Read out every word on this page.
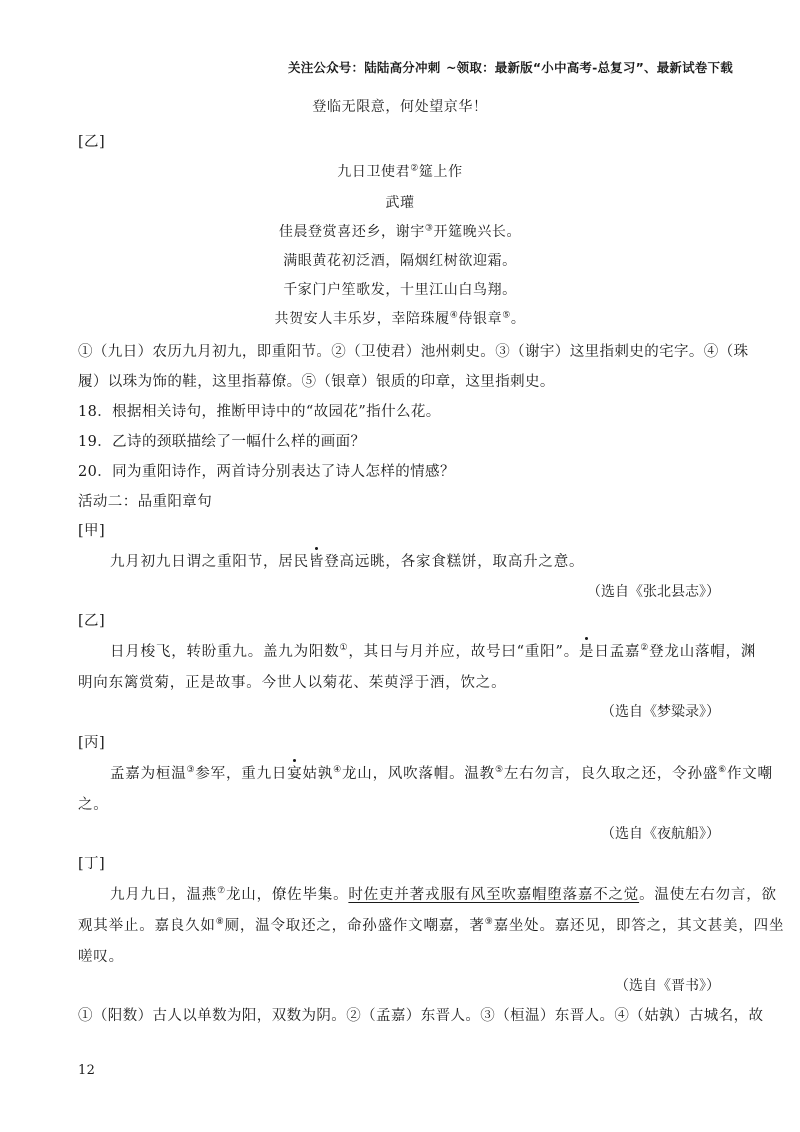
关注公众号：陆陆高分冲刺 ~领取：最新版“小中高考-总复习”、最新试卷下载
登临无限意，何处望京华！
[乙]
九日卫使君②筵上作
武瓘
佳晨登赏喜还乡，谢宇③开筵晚兴长。
满眼黄花初泛酒，隔烟红树欲迎霜。
千家门户笙歌发，十里江山白鸟翔。
共贺安人丰乐岁，幸陪珠履④侍银章⑤。
①（九日）农历九月初九，即重阳节。②（卫使君）池州刺史。③（谢宇）这里指刺史的宅字。④（珠
履）以珠为饰的鞋，这里指幕僚。⑤（银章）银质的印章，这里指刺史。
18．根据相关诗句，推断甲诗中的“故园花”指什么花。
19．乙诗的颈联描绘了一幅什么样的画面？
20．同为重阳诗作，两首诗分别表达了诗人怎样的情感？
活动二：品重阳章句
[甲]
九月初九日谓之重阳节，居民皆登高远眺，各家食糕饼，取高升之意。
（选自《张北县志》）
[乙]
日月梭飞，转盼重九。盖九为阳数①，其日与月并应，故号曰“重阳”。是日孟嘉②登龙山落帽，渊
明向东篱赏菊，正是故事。今世人以菊花、茱萸浮于酒，饮之。
（选自《梦粱录》）
[丙]
孟嘉为桓温③参军，重九日宴姑孰④龙山，风吹落帽。温教⑤左右勿言，良久取之还，令孙盛⑥作文嘲
之。
（选自《夜航船》）
[丁]
九月九日，温燕⑦龙山，僚佐毕集。时佐吏并著戎服有风至吹嘉帽堕落嘉不之觉。温使左右勿言，欲
观其举止。嘉良久如⑧厕，温令取还之，命孙盛作文嘲嘉，著⑨嘉坐处。嘉还见，即答之，其文甚美，四坐
嗟叹。
（选自《晋书》）
①（阳数）古人以单数为阳，双数为阴。②（孟嘉）东晋人。③（桓温）东晋人。④（姑孰）古城名，故
12
